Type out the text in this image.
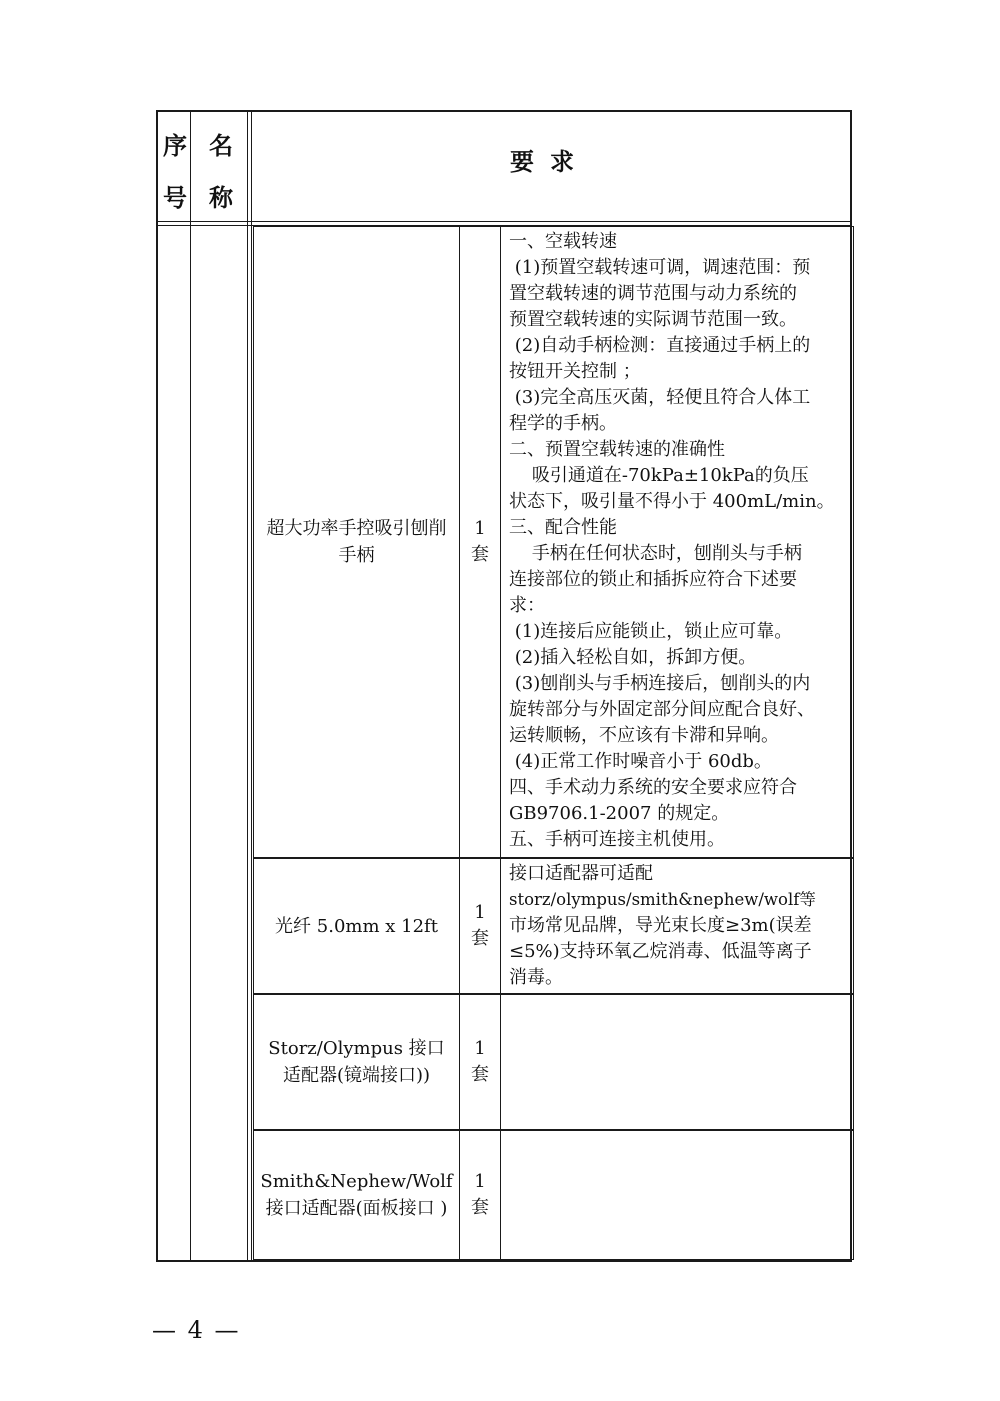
序
号
名
称
要求
超大功率手控吸引刨削手柄
1
套
一、空载转速
(1)预置空载转速可调，调速范围：预
置空载转速的调节范围与动力系统的
预置空载转速的实际调节范围一致。
(2)自动手柄检测：直接通过手柄上的
按钮开关控制 ；
(3)完全高压灭菌，轻便且符合人体工
程学的手柄。
二、预置空载转速的准确性
吸引通道在-70kPa±10kPa的负压
状态下，吸引量不得小于 400mL/min。
三、配合性能
手柄在任何状态时，刨削头与手柄
连接部位的锁止和插拆应符合下述要
求：
(1)连接后应能锁止，锁止应可靠。
(2)插入轻松自如，拆卸方便。
(3)刨削头与手柄连接后，刨削头的内
旋转部分与外固定部分间应配合良好、
运转顺畅，不应该有卡滞和异响。
(4)正常工作时噪音小于 60db。
四、手术动力系统的安全要求应符合
GB9706.1-2007 的规定。
五、手柄可连接主机使用。
光纤 5.0mm x 12ft
1
套
接口适配器可适配
storz/olympus/smith&nephew/wolf等
市场常见品牌，导光束长度≥3m(误差
≤5%)支持环氧乙烷消毒、低温等离子
消毒。
Storz/Olympus 接口适配器(镜端接口))
1
套
Smith&Nephew/Wolf接口适配器(面板接口 )
1
套
— 4 —
